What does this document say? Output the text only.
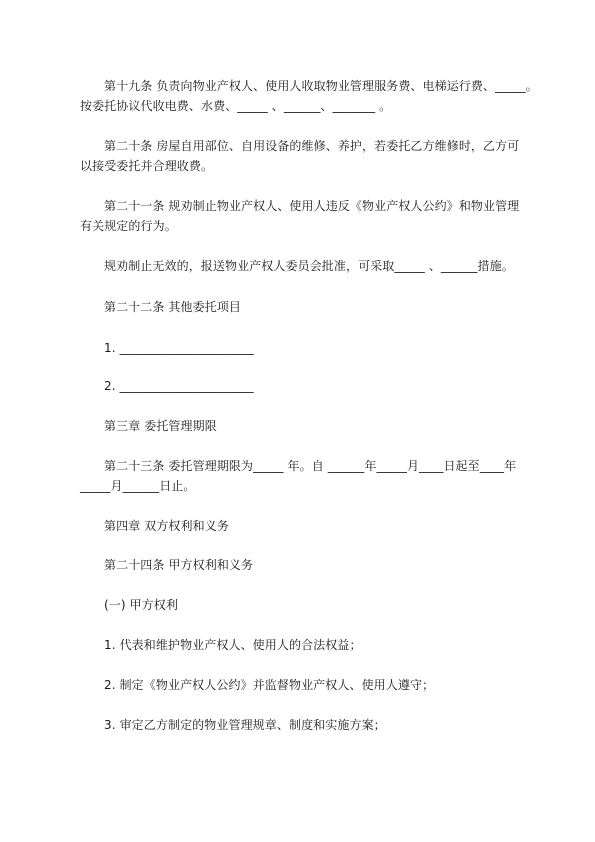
第十九条 负责向物业产权人、使用人收取物业管理服务费、电梯运行费、_____。

按委托协议代收电费、水费、_____ 、______、_______ 。

第二十条 房屋自用部位、自用设备的维修、养护，若委托乙方维修时，乙方可

以接受委托并合理收费。

第二十一条 规劝制止物业产权人、使用人违反《物业产权人公约》和物业管理

有关规定的行为。

规劝制止无效的，报送物业产权人委员会批准，可采取_____ 、______措施。

第二十二条 其他委托项目

1. ______________________

2. ______________________

第三章 委托管理期限

第二十三条 委托管理期限为_____ 年。自 ______年_____月____日起至____年

_____月______日止。

第四章 双方权利和义务

第二十四条 甲方权利和义务

(一) 甲方权利

1. 代表和维护物业产权人、使用人的合法权益；

2. 制定《物业产权人公约》并监督物业产权人、使用人遵守；

3. 审定乙方制定的物业管理规章、制度和实施方案；
